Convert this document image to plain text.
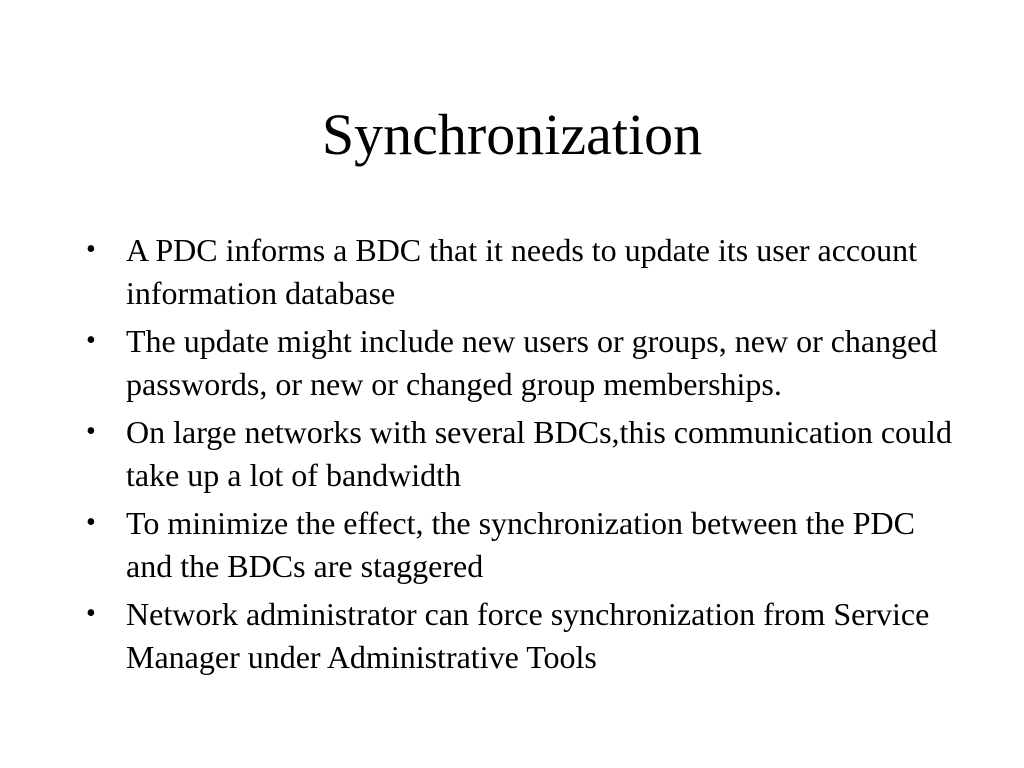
Synchronization
• A PDC informs a BDC that it needs to update its user account information database
• The update might include new users or groups, new or changed passwords, or new or changed group memberships.
• On large networks with several BDCs,this communication could take up a lot of bandwidth
• To minimize the effect, the synchronization between the PDC and the BDCs are staggered
• Network administrator can force synchronization from Service Manager under Administrative Tools
